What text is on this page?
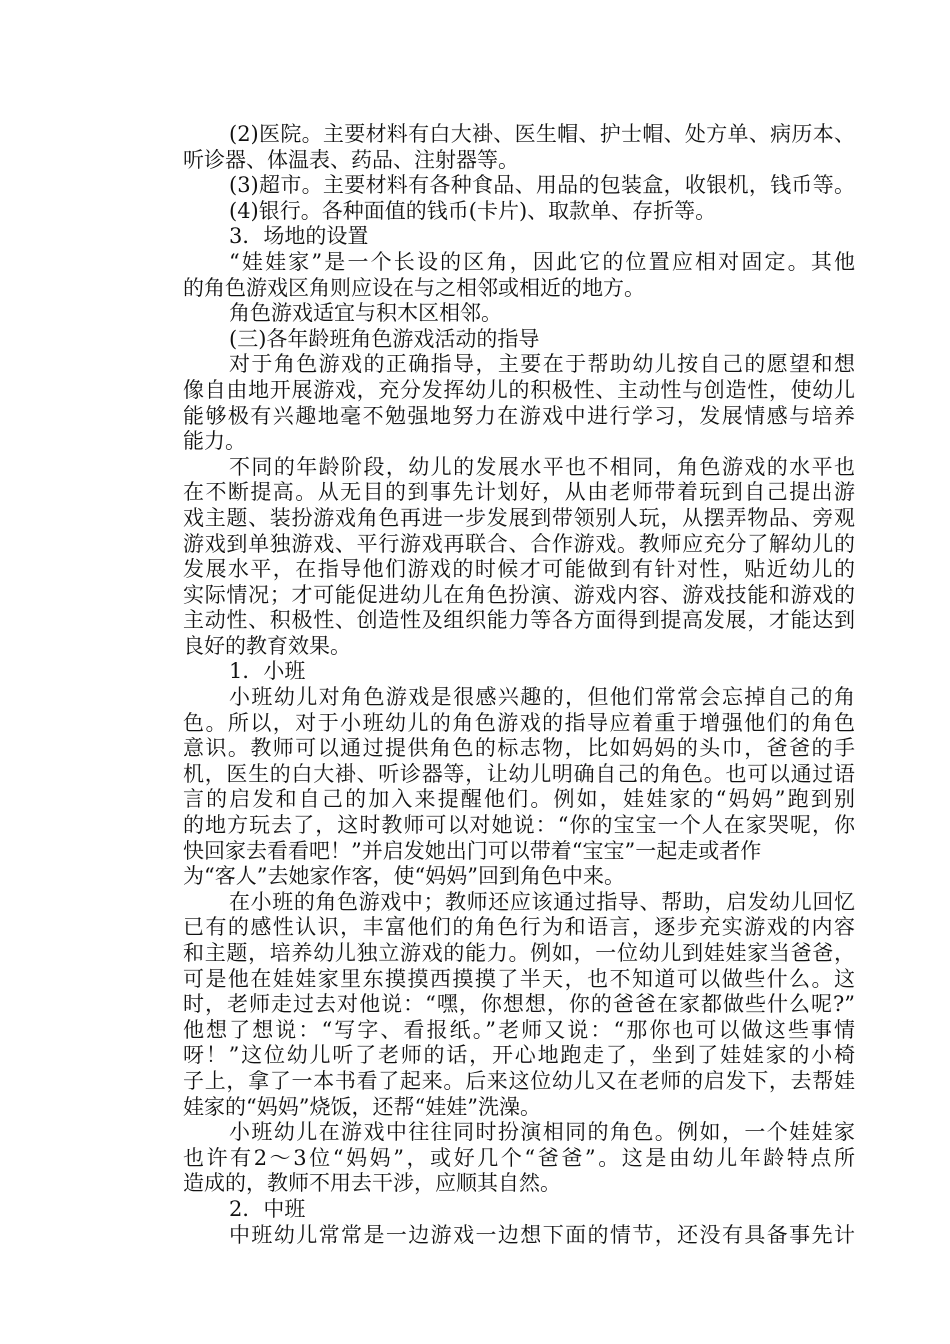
(2)医院。主要材料有白大褂、医生帽、护士帽、处方单、病历本、
听诊器、体温表、药品、注射器等。
(3)超市。主要材料有各种食品、用品的包装盒，收银机，钱币等。
(4)银行。各种面值的钱币(卡片)、取款单、存折等。
3．场地的设置
“娃娃家”是一个长设的区角，因此它的位置应相对固定。其他
的角色游戏区角则应设在与之相邻或相近的地方。
角色游戏适宜与积木区相邻。
(三)各年龄班角色游戏活动的指导
对于角色游戏的正确指导，主要在于帮助幼儿按自己的愿望和想
像自由地开展游戏，充分发挥幼儿的积极性、主动性与创造性，使幼儿
能够极有兴趣地毫不勉强地努力在游戏中进行学习，发展情感与培养
能力。
不同的年龄阶段，幼儿的发展水平也不相同，角色游戏的水平也
在不断提高。从无目的到事先计划好，从由老师带着玩到自己提出游
戏主题、装扮游戏角色再进一步发展到带领别人玩，从摆弄物品、旁观
游戏到单独游戏、平行游戏再联合、合作游戏。教师应充分了解幼儿的
发展水平，在指导他们游戏的时候才可能做到有针对性，贴近幼儿的
实际情况；才可能促进幼儿在角色扮演、游戏内容、游戏技能和游戏的
主动性、积极性、创造性及组织能力等各方面得到提高发展，才能达到
良好的教育效果。
1．小班
小班幼儿对角色游戏是很感兴趣的，但他们常常会忘掉自己的角
色。所以，对于小班幼儿的角色游戏的指导应着重于增强他们的角色
意识。教师可以通过提供角色的标志物，比如妈妈的头巾，爸爸的手
机，医生的白大褂、听诊器等，让幼儿明确自己的角色。也可以通过语
言的启发和自己的加入来提醒他们。例如，娃娃家的“妈妈”跑到别
的地方玩去了，这时教师可以对她说：“你的宝宝一个人在家哭呢，你
快回家去看看吧！”并启发她出门可以带着“宝宝”一起走或者作
为“客人”去她家作客，使“妈妈”回到角色中来。
在小班的角色游戏中；教师还应该通过指导、帮助，启发幼儿回忆
已有的感性认识，丰富他们的角色行为和语言，逐步充实游戏的内容
和主题，培养幼儿独立游戏的能力。例如，一位幼儿到娃娃家当爸爸，
可是他在娃娃家里东摸摸西摸摸了半天，也不知道可以做些什么。这
时，老师走过去对他说：“嘿，你想想，你的爸爸在家都做些什么呢?”
他想了想说：“写字、看报纸。”老师又说：“那你也可以做这些事情
呀！”这位幼儿听了老师的话，开心地跑走了，坐到了娃娃家的小椅
子上，拿了一本书看了起来。后来这位幼儿又在老师的启发下，去帮娃
娃家的“妈妈”烧饭，还帮“娃娃”洗澡。
小班幼儿在游戏中往往同时扮演相同的角色。例如，一个娃娃家
也许有2～3位“妈妈”，或好几个“爸爸”。这是由幼儿年龄特点所
造成的，教师不用去干涉，应顺其自然。
2．中班
中班幼儿常常是一边游戏一边想下面的情节，还没有具备事先计
